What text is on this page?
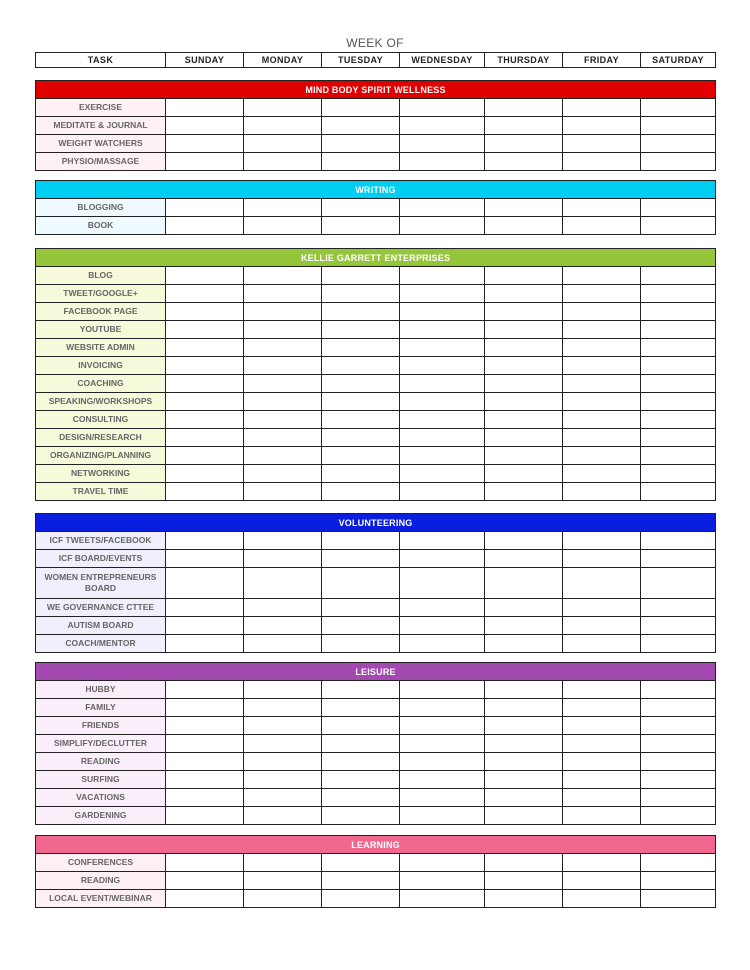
WEEK OF
TASK	SUNDAY	MONDAY	TUESDAY	WEDNESDAY	THURSDAY	FRIDAY	SATURDAY
MIND BODY SPIRIT WELLNESS							
EXERCISE							
MEDITATE & JOURNAL							
WEIGHT WATCHERS							
PHYSIO/MASSAGE							
WRITING							
BLOGGING							
BOOK							
KELLIE GARRETT ENTERPRISES							
BLOG							
TWEET/GOOGLE+							
FACEBOOK PAGE							
YOUTUBE							
WEBSITE ADMIN							
INVOICING							
COACHING							
SPEAKING/WORKSHOPS							
CONSULTING							
DESIGN/RESEARCH							
ORGANIZING/PLANNING							
NETWORKING							
TRAVEL TIME							
VOLUNTEERING							
ICF TWEETS/FACEBOOK							
ICF BOARD/EVENTS							
WOMEN ENTREPRENEURS BOARD							
WE GOVERNANCE CTTEE							
AUTISM BOARD							
COACH/MENTOR							
LEISURE							
HUBBY							
FAMILY							
FRIENDS							
SIMPLIFY/DECLUTTER							
READING							
SURFING							
VACATIONS							
GARDENING							
LEARNING							
CONFERENCES							
READING							
LOCAL EVENT/WEBINAR							
